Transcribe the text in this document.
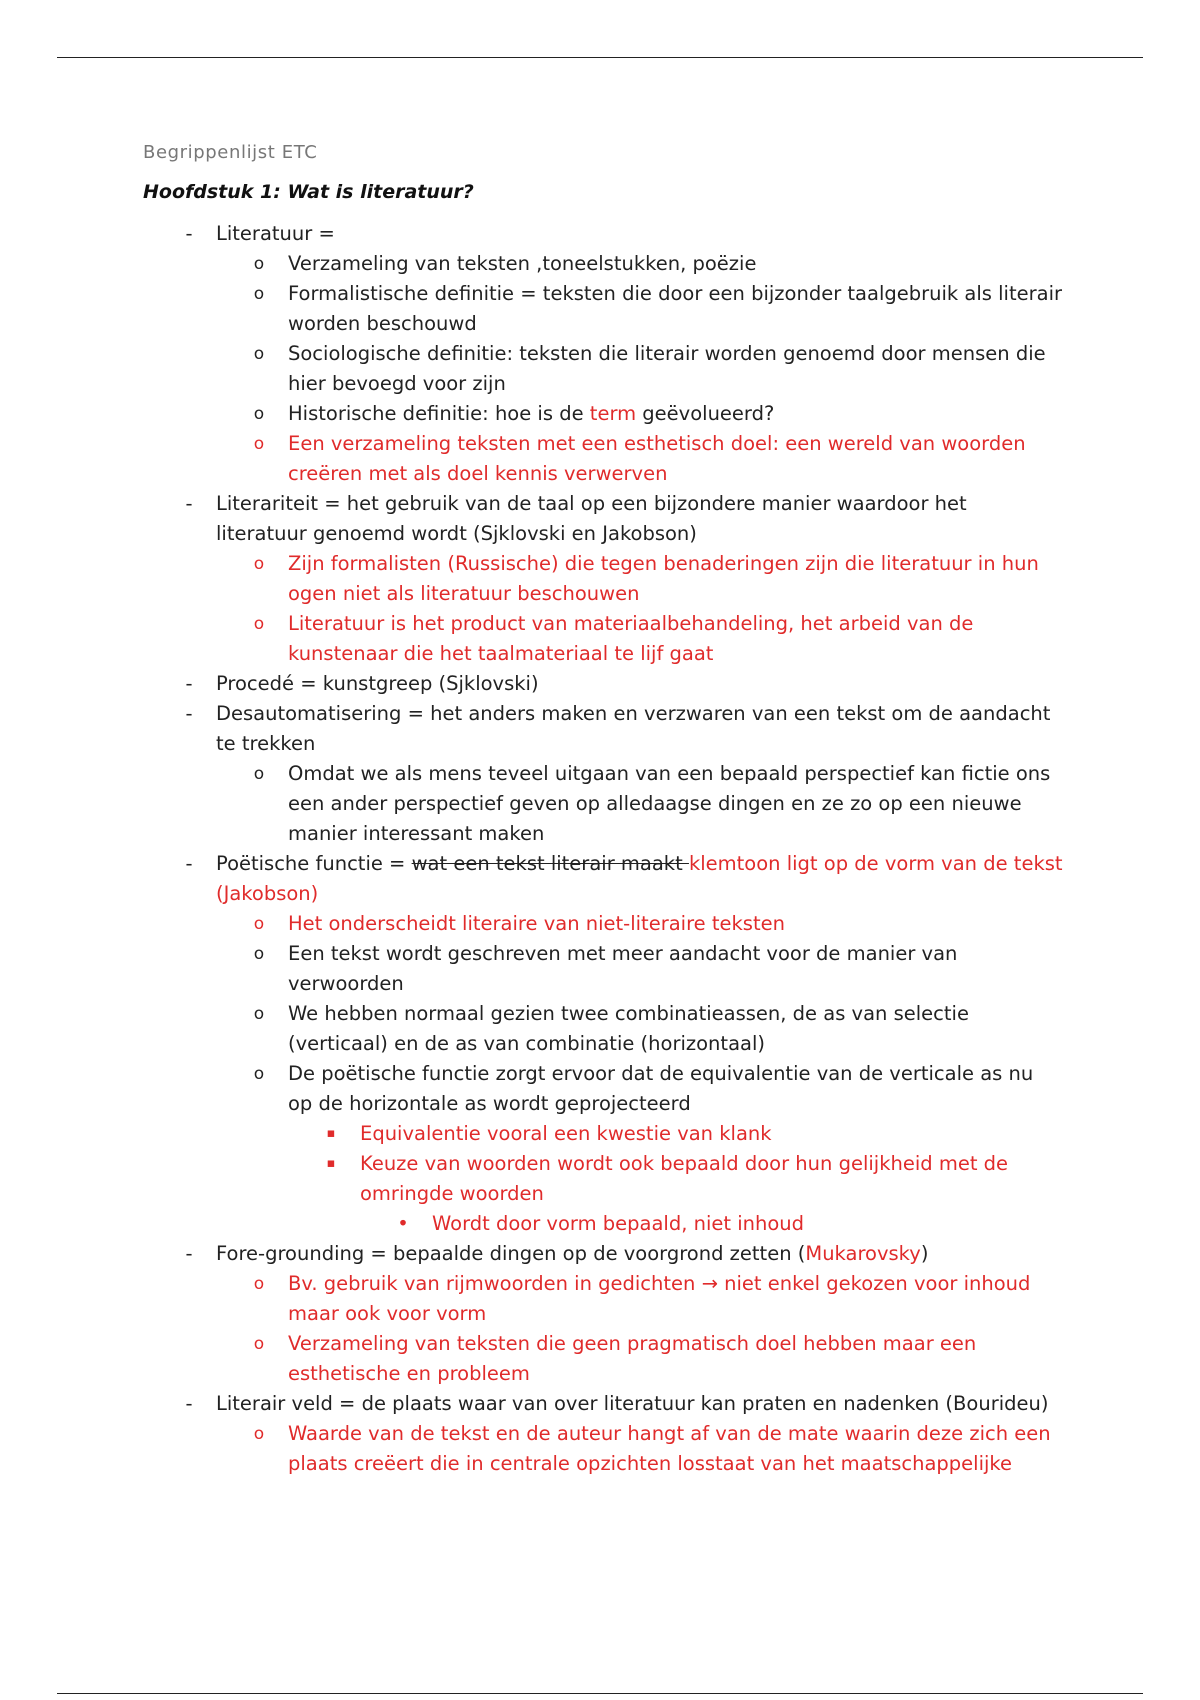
Begrippenlijst ETC
Hoofdstuk 1: Wat is literatuur?
-	Literatuur =
o Verzameling van teksten ,toneelstukken, poëzie
o Formalistische definitie = teksten die door een bijzonder taalgebruik als literair worden beschouwd
o Sociologische definitie: teksten die literair worden genoemd door mensen die hier bevoegd voor zijn
o Historische definitie: hoe is de term geëvolueerd?
o Een verzameling teksten met een esthetisch doel: een wereld van woorden creëren met als doel kennis verwerven
-	Literariteit = het gebruik van de taal op een bijzondere manier waardoor het literatuur genoemd wordt (Sjklovski en Jakobson)
o Zijn formalisten (Russische) die tegen benaderingen zijn die literatuur in hun ogen niet als literatuur beschouwen
o Literatuur is het product van materiaalbehandeling, het arbeid van de kunstenaar die het taalmateriaal te lijf gaat
-	Procedé = kunstgreep (Sjklovski)
-	Desautomatisering = het anders maken en verzwaren van een tekst om de aandacht te trekken
o Omdat we als mens teveel uitgaan van een bepaald perspectief kan fictie ons een ander perspectief geven op alledaagse dingen en ze zo op een nieuwe manier interessant maken
-	Poëtische functie = wat een tekst literair maakt klemtoon ligt op de vorm van de tekst (Jakobson)
o Het onderscheidt literaire van niet-literaire teksten
o Een tekst wordt geschreven met meer aandacht voor de manier van verwoorden
o We hebben normaal gezien twee combinatieassen, de as van selectie (verticaal) en de as van combinatie (horizontaal)
o De poëtische functie zorgt ervoor dat de equivalentie van de verticale as nu op de horizontale as wordt geprojecteerd
▪ Equivalentie vooral een kwestie van klank
▪ Keuze van woorden wordt ook bepaald door hun gelijkheid met de omringde woorden
• Wordt door vorm bepaald, niet inhoud
-	Fore-grounding = bepaalde dingen op de voorgrond zetten (Mukarovsky)
o Bv. gebruik van rijmwoorden in gedichten → niet enkel gekozen voor inhoud maar ook voor vorm
o Verzameling van teksten die geen pragmatisch doel hebben maar een esthetische en probleem
-	Literair veld = de plaats waar van over literatuur kan praten en nadenken (Bourideu)
o Waarde van de tekst en de auteur hangt af van de mate waarin deze zich een plaats creëert die in centrale opzichten losstaat van het maatschappelijke
